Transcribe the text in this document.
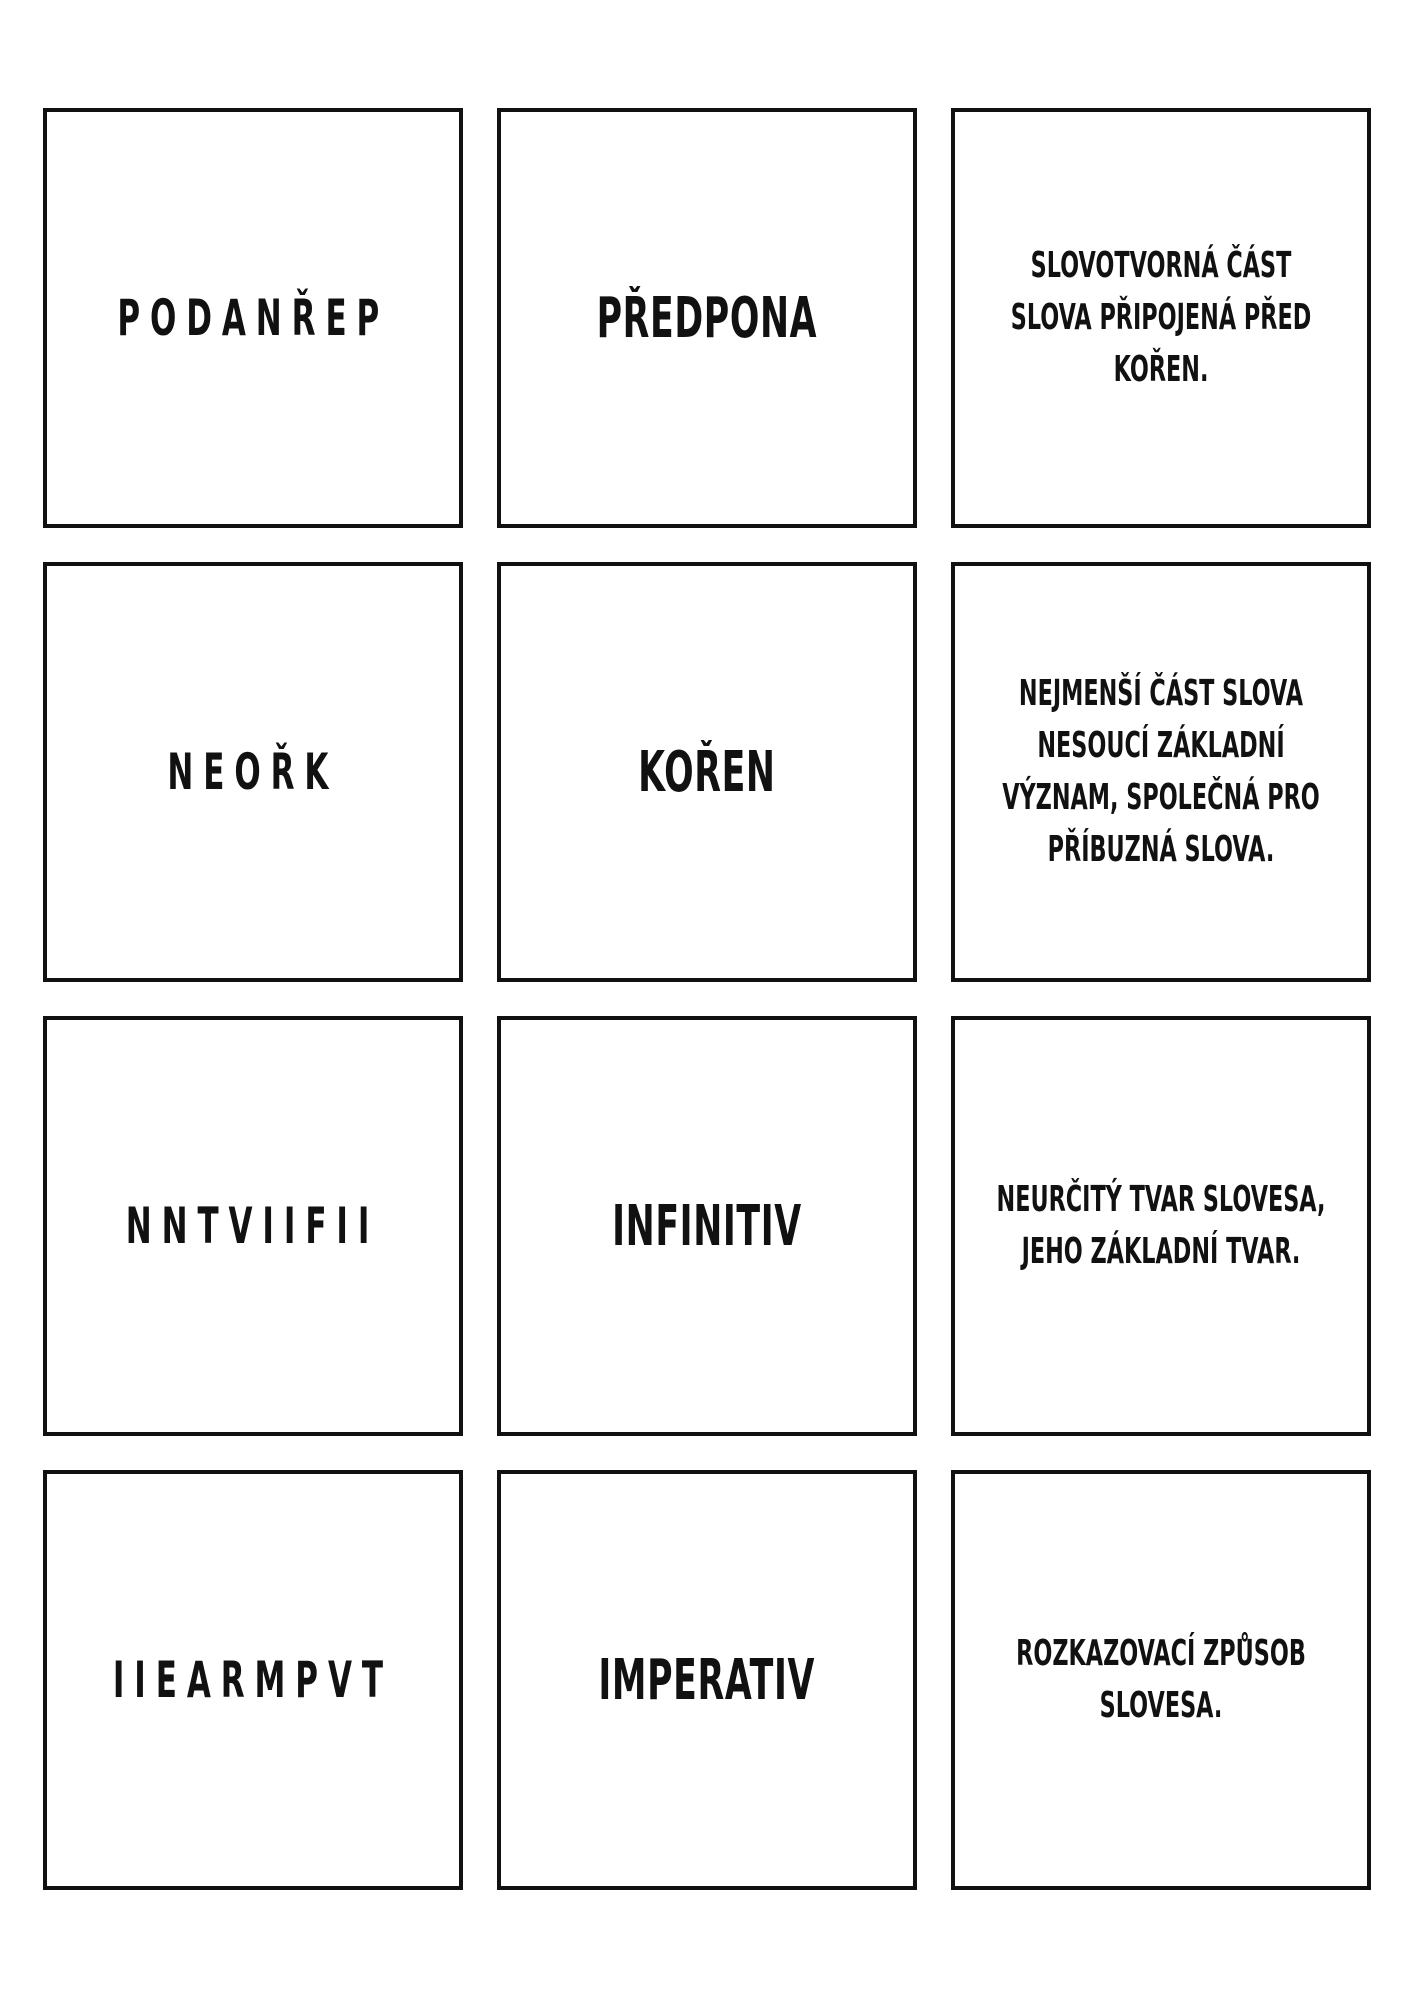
PODANŘEP	PŘEDPONA
SLOVOTVORNÁ ČÁST SLOVA PŘIPOJENÁ PŘED KOŘEN.
NEOŘK	KOŘEN
NEJMENŠÍ ČÁST SLOVA NESOUCÍ ZÁKLADNÍ VÝZNAM, SPOLEČNÁ PRO PŘÍBUZNÁ SLOVA.
NNTVIIFII	INFINITIV	NEURČITÝ TVAR SLOVESA, JEHO ZÁKLADNÍ TVAR.
IIEARMPVT	IMPERATIV	ROZKAZOVACÍ ZPŮSOB SLOVESA.
